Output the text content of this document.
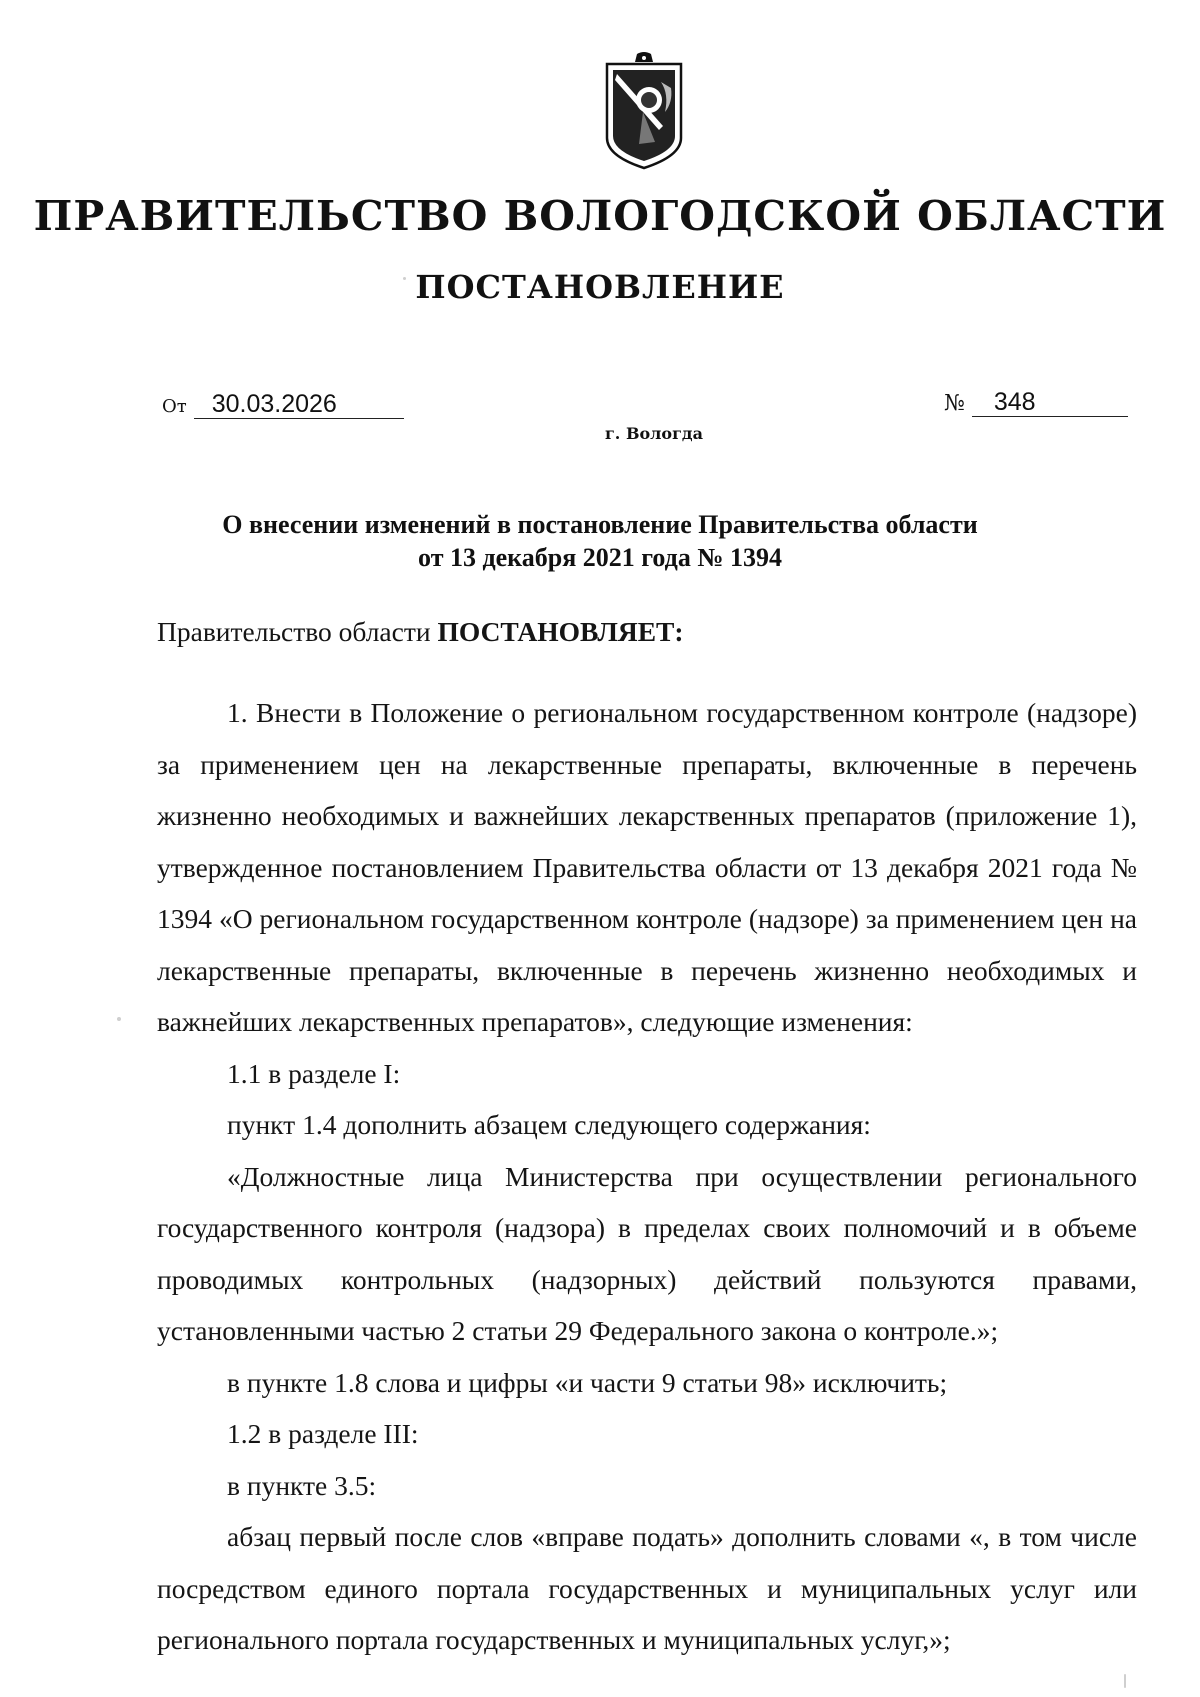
ПРАВИТЕЛЬСТВО ВОЛОГОДСКОЙ ОБЛАСТИ
ПОСТАНОВЛЕНИЕ
От 30.03.2026	№ 348
г. Вологда
О внесении изменений в постановление Правительства области
от 13 декабря 2021 года № 1394

Правительство области ПОСТАНОВЛЯЕТ:

1. Внести в Положение о региональном государственном контроле (надзоре) за применением цен на лекарственные препараты, включенные в перечень жизненно необходимых и важнейших лекарственных препаратов (приложение 1), утвержденное постановлением Правительства области от 13 декабря 2021 года № 1394 «О региональном государственном контроле (надзоре) за применением цен на лекарственные препараты, включенные в перечень жизненно необходимых и важнейших лекарственных препаратов», следующие изменения:

1.1 в разделе I:

пункт 1.4 дополнить абзацем следующего содержания:

«Должностные лица Министерства при осуществлении регионального государственного контроля (надзора) в пределах своих полномочий и в объеме проводимых контрольных (надзорных) действий пользуются правами, установленными частью 2 статьи 29 Федерального закона о контроле.»;

в пункте 1.8 слова и цифры «и части 9 статьи 98» исключить;

1.2 в разделе III:

в пункте 3.5:

абзац первый после слов «вправе подать» дополнить словами «, в том числе посредством единого портала государственных и муниципальных услуг или регионального портала государственных и муниципальных услуг,»;
